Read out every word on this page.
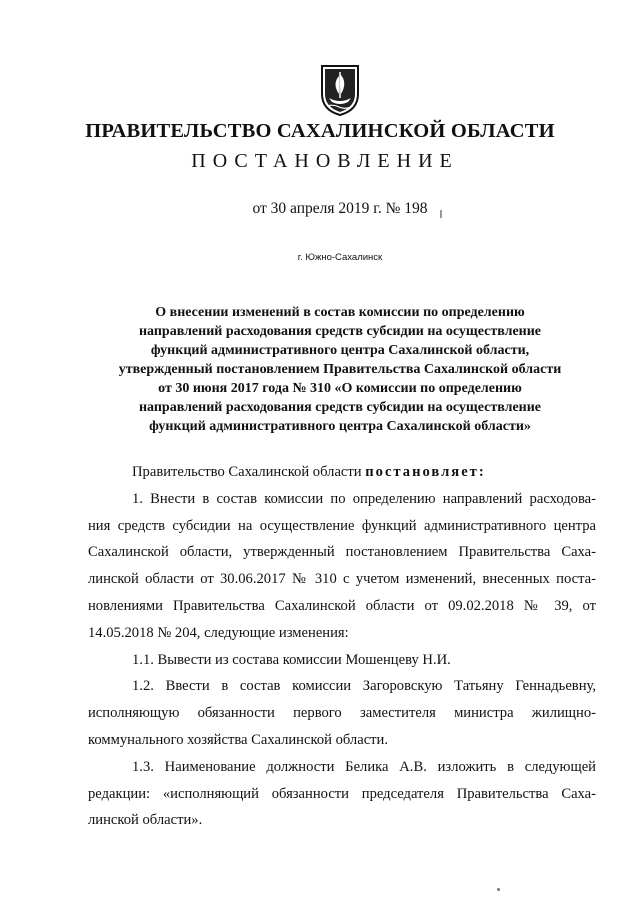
ПРАВИТЕЛЬСТВО САХАЛИНСКОЙ ОБЛАСТИ
ПОСТАНОВЛЕНИЕ
от 30 апреля 2019 г. № 198
г. Южно-Сахалинск
О внесении изменений в состав комиссии по определению
направлений расходования средств субсидии на осуществление
функций административного центра Сахалинской области,
утвержденный постановлением Правительства Сахалинской области
от 30 июня 2017 года № 310 «О комиссии по определению
направлений расходования средств субсидии на осуществление
функций административного центра Сахалинской области»

Правительство Сахалинской области постановляет:

1. Внести в состав комиссии по определению направлений расходова-
ния средств субсидии на осуществление функций административного центра
Сахалинской области, утвержденный постановлением Правительства Саха-
линской области от 30.06.2017 № 310 с учетом изменений, внесенных поста-
новлениями Правительства Сахалинской области от 09.02.2018 № 39, от
14.05.2018 № 204, следующие изменения:

1.1. Вывести из состава комиссии Мошенцеву Н.И.

1.2. Ввести в состав комиссии Загоровскую Татьяну Геннадьевну,
исполняющую обязанности первого заместителя министра жилищно-
коммунального хозяйства Сахалинской области.
1.3. Наименование должности Белика А.В. изложить в следующей
редакции: «исполняющий обязанности председателя Правительства Саха-
линской области».
